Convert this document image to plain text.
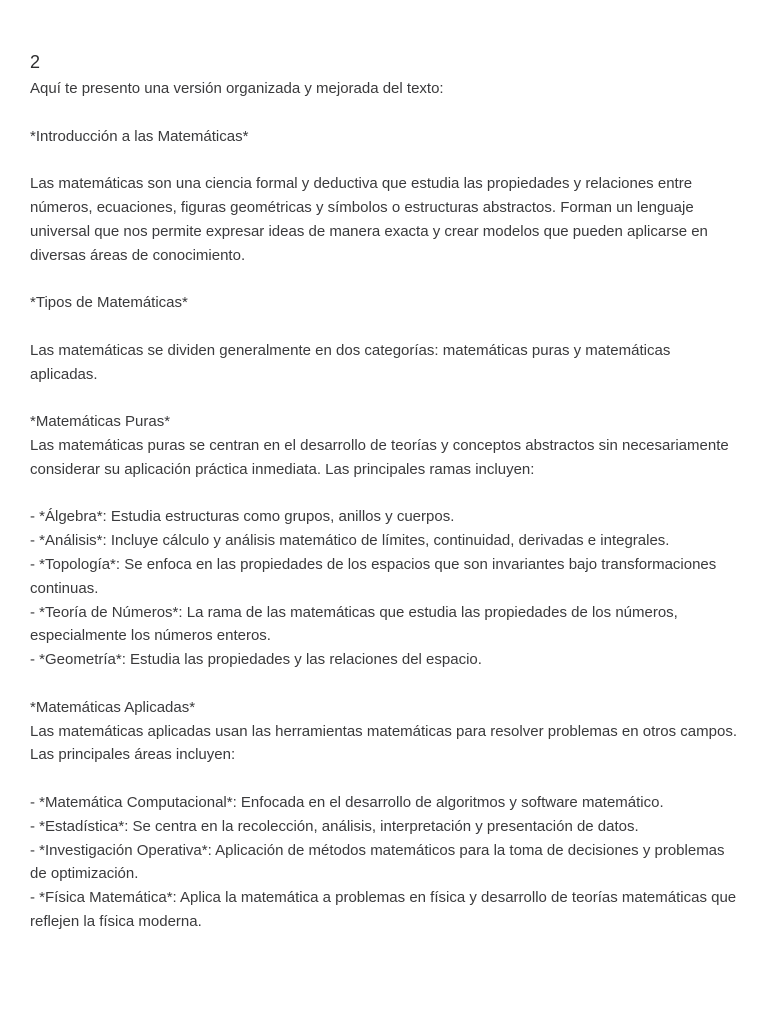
2

Aquí te presento una versión organizada y mejorada del texto:

*Introducción a las Matemáticas*

Las matemáticas son una ciencia formal y deductiva que estudia las propiedades y relaciones entre números, ecuaciones, figuras geométricas y símbolos o estructuras abstractos. Forman un lenguaje universal que nos permite expresar ideas de manera exacta y crear modelos que pueden aplicarse en diversas áreas de conocimiento.

*Tipos de Matemáticas*

Las matemáticas se dividen generalmente en dos categorías: matemáticas puras y matemáticas aplicadas.

*Matemáticas Puras*

Las matemáticas puras se centran en el desarrollo de teorías y conceptos abstractos sin necesariamente considerar su aplicación práctica inmediata. Las principales ramas incluyen:

- *Álgebra*: Estudia estructuras como grupos, anillos y cuerpos.

- *Análisis*: Incluye cálculo y análisis matemático de límites, continuidad, derivadas e integrales.

- *Topología*: Se enfoca en las propiedades de los espacios que son invariantes bajo transformaciones continuas.

- *Teoría de Números*: La rama de las matemáticas que estudia las propiedades de los números, especialmente los números enteros.

- *Geometría*: Estudia las propiedades y las relaciones del espacio.

*Matemáticas Aplicadas*

Las matemáticas aplicadas usan las herramientas matemáticas para resolver problemas en otros campos. Las principales áreas incluyen:

- *Matemática Computacional*: Enfocada en el desarrollo de algoritmos y software matemático.

- *Estadística*: Se centra en la recolección, análisis, interpretación y presentación de datos.

- *Investigación Operativa*: Aplicación de métodos matemáticos para la toma de decisiones y problemas de optimización.

- *Física Matemática*: Aplica la matemática a problemas en física y desarrollo de teorías matemáticas que reflejen la física moderna.
